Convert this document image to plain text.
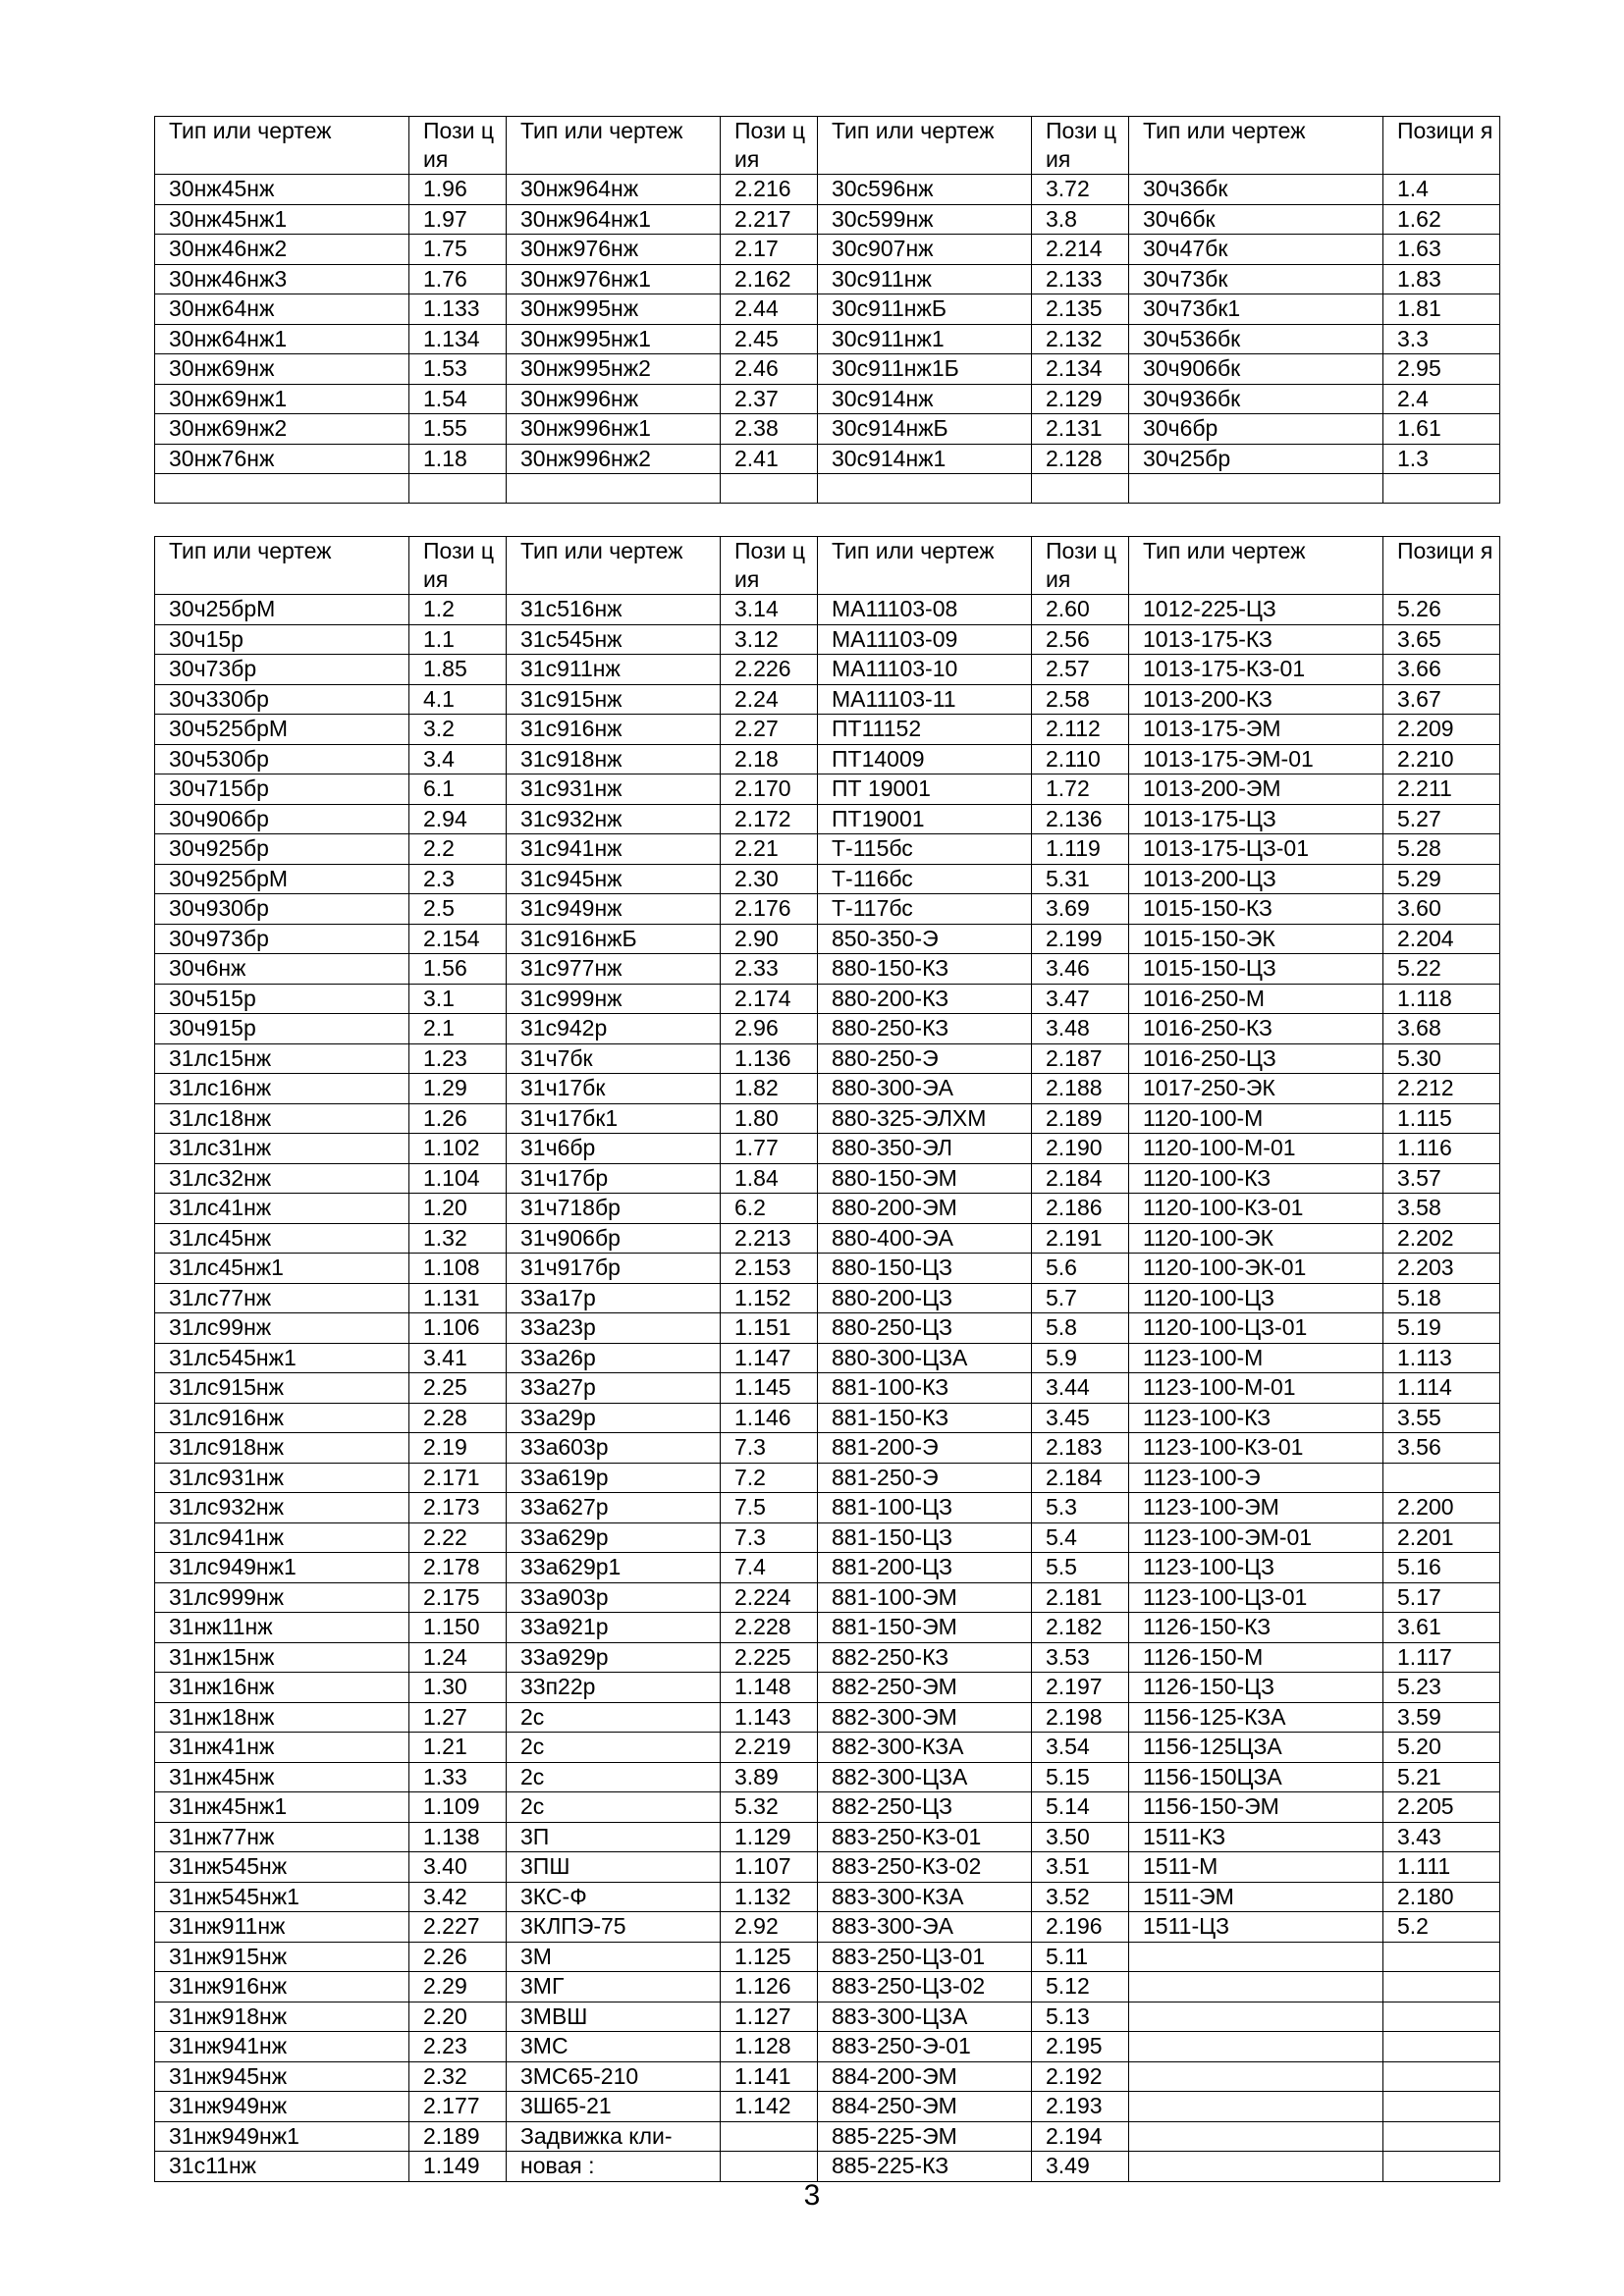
Тип или чертеж	Пози ция	Тип или чертеж	Пози ция	Тип или чертеж	Пози ция	Тип или чертеж	Позици я
30нж45нж	1.96	30нж964нж	2.216	30с596нж	3.72	30ч36бк	1.4
30нж45нж1	1.97	30нж964нж1	2.217	30с599нж	3.8	30ч6бк	1.62
30нж46нж2	1.75	30нж976нж	2.17	30с907нж	2.214	30ч47бк	1.63
30нж46нж3	1.76	30нж976нж1	2.162	30с911нж	2.133	30ч73бк	1.83
30нж64нж	1.133	30нж995нж	2.44	30с911нжБ	2.135	30ч73бк1	1.81
30нж64нж1	1.134	30нж995нж1	2.45	30с911нж1	2.132	30ч536бк	3.3
30нж69нж	1.53	30нж995нж2	2.46	30с911нж1Б	2.134	30ч906бк	2.95
30нж69нж1	1.54	30нж996нж	2.37	30с914нж	2.129	30ч936бк	2.4
30нж69нж2	1.55	30нж996нж1	2.38	30с914нжБ	2.131	30ч6бр	1.61
30нж76нж	1.18	30нж996нж2	2.41	30с914нж1	2.128	30ч25бр	1.3

Тип или чертеж	Пози ция	Тип или чертеж	Пози ция	Тип или чертеж	Пози ция	Тип или чертеж	Позици я
30ч25брМ	1.2	31с516нж	3.14	МА11103-08	2.60	1012-225-ЦЗ	5.26
30ч15р	1.1	31с545нж	3.12	МА11103-09	2.56	1013-175-КЗ	3.65
30ч73бр	1.85	31с911нж	2.226	МА11103-10	2.57	1013-175-КЗ-01	3.66
30ч330бр	4.1	31с915нж	2.24	МА11103-11	2.58	1013-200-КЗ	3.67
30ч525брМ	3.2	31с916нж	2.27	ПТ11152	2.112	1013-175-ЭМ	2.209
30ч530бр	3.4	31с918нж	2.18	ПТ14009	2.110	1013-175-ЭМ-01	2.210
30ч715бр	6.1	31с931нж	2.170	ПТ 19001	1.72	1013-200-ЭМ	2.211
30ч906бр	2.94	31с932нж	2.172	ПТ19001	2.136	1013-175-ЦЗ	5.27
30ч925бр	2.2	31с941нж	2.21	Т-115бс	1.119	1013-175-ЦЗ-01	5.28
30ч925брМ	2.3	31с945нж	2.30	Т-116бс	5.31	1013-200-ЦЗ	5.29
30ч930бр	2.5	31с949нж	2.176	Т-117бс	3.69	1015-150-КЗ	3.60
30ч973бр	2.154	31с916нжБ	2.90	850-350-Э	2.199	1015-150-ЭК	2.204
30ч6нж	1.56	31с977нж	2.33	880-150-КЗ	3.46	1015-150-ЦЗ	5.22
30ч515р	3.1	31с999нж	2.174	880-200-КЗ	3.47	1016-250-М	1.118
30ч915р	2.1	31с942р	2.96	880-250-КЗ	3.48	1016-250-КЗ	3.68
31лс15нж	1.23	31ч7бк	1.136	880-250-Э	2.187	1016-250-ЦЗ	5.30
31лс16нж	1.29	31ч17бк	1.82	880-300-ЭА	2.188	1017-250-ЭК	2.212
31лс18нж	1.26	31ч17бк1	1.80	880-325-ЭЛХМ	2.189	1120-100-М	1.115
31лс31нж	1.102	31ч6бр	1.77	880-350-ЭЛ	2.190	1120-100-М-01	1.116
31лс32нж	1.104	31ч17бр	1.84	880-150-ЭМ	2.184	1120-100-КЗ	3.57
31лс41нж	1.20	31ч718бр	6.2	880-200-ЭМ	2.186	1120-100-КЗ-01	3.58
31лс45нж	1.32	31ч906бр	2.213	880-400-ЭА	2.191	1120-100-ЭК	2.202
31лс45нж1	1.108	31ч917бр	2.153	880-150-ЦЗ	5.6	1120-100-ЭК-01	2.203
31лс77нж	1.131	33а17р	1.152	880-200-ЦЗ	5.7	1120-100-ЦЗ	5.18
31лс99нж	1.106	33а23р	1.151	880-250-ЦЗ	5.8	1120-100-ЦЗ-01	5.19
31лс545нж1	3.41	33а26р	1.147	880-300-ЦЗА	5.9	1123-100-М	1.113
31лс915нж	2.25	33а27р	1.145	881-100-КЗ	3.44	1123-100-М-01	1.114
31лс916нж	2.28	33а29р	1.146	881-150-КЗ	3.45	1123-100-КЗ	3.55
31лс918нж	2.19	33а603р	7.3	881-200-Э	2.183	1123-100-КЗ-01	3.56
31лс931нж	2.171	33а619р	7.2	881-250-Э	2.184	1123-100-Э	
31лс932нж	2.173	33а627р	7.5	881-100-ЦЗ	5.3	1123-100-ЭМ	2.200
31лс941нж	2.22	33а629р	7.3	881-150-ЦЗ	5.4	1123-100-ЭМ-01	2.201
31лс949нж1	2.178	33а629р1	7.4	881-200-ЦЗ	5.5	1123-100-ЦЗ	5.16
31лс999нж	2.175	33а903р	2.224	881-100-ЭМ	2.181	1123-100-ЦЗ-01	5.17
31нж11нж	1.150	33а921р	2.228	881-150-ЭМ	2.182	1126-150-КЗ	3.61
31нж15нж	1.24	33а929р	2.225	882-250-КЗ	3.53	1126-150-М	1.117
31нж16нж	1.30	33п22р	1.148	882-250-ЭМ	2.197	1126-150-ЦЗ	5.23
31нж18нж	1.27	2с	1.143	882-300-ЭМ	2.198	1156-125-КЗА	3.59
31нж41нж	1.21	2с	2.219	882-300-КЗА	3.54	1156-125ЦЗА	5.20
31нж45нж	1.33	2с	3.89	882-300-ЦЗА	5.15	1156-150ЦЗА	5.21
31нж45нж1	1.109	2с	5.32	882-250-ЦЗ	5.14	1156-150-ЭМ	2.205
31нж77нж	1.138	3П	1.129	883-250-КЗ-01	3.50	1511-КЗ	3.43
31нж545нж	3.40	3ПШ	1.107	883-250-КЗ-02	3.51	1511-М	1.111
31нж545нж1	3.42	3КС-Ф	1.132	883-300-КЗА	3.52	1511-ЭМ	2.180
31нж911нж	2.227	3КЛПЭ-75	2.92	883-300-ЭА	2.196	1511-ЦЗ	5.2
31нж915нж	2.26	3М	1.125	883-250-ЦЗ-01	5.11		
31нж916нж	2.29	3МГ	1.126	883-250-ЦЗ-02	5.12		
31нж918нж	2.20	3МВШ	1.127	883-300-ЦЗА	5.13		
31нж941нж	2.23	3МС	1.128	883-250-Э-01	2.195		
31нж945нж	2.32	3МС65-210	1.141	884-200-ЭМ	2.192		
31нж949нж	2.177	3Ш65-21	1.142	884-250-ЭМ	2.193		
31нж949нж1	2.189	Задвижка кли-		885-225-ЭМ	2.194		
31с11нж	1.149	новая :		885-225-КЗ	3.49		
3
